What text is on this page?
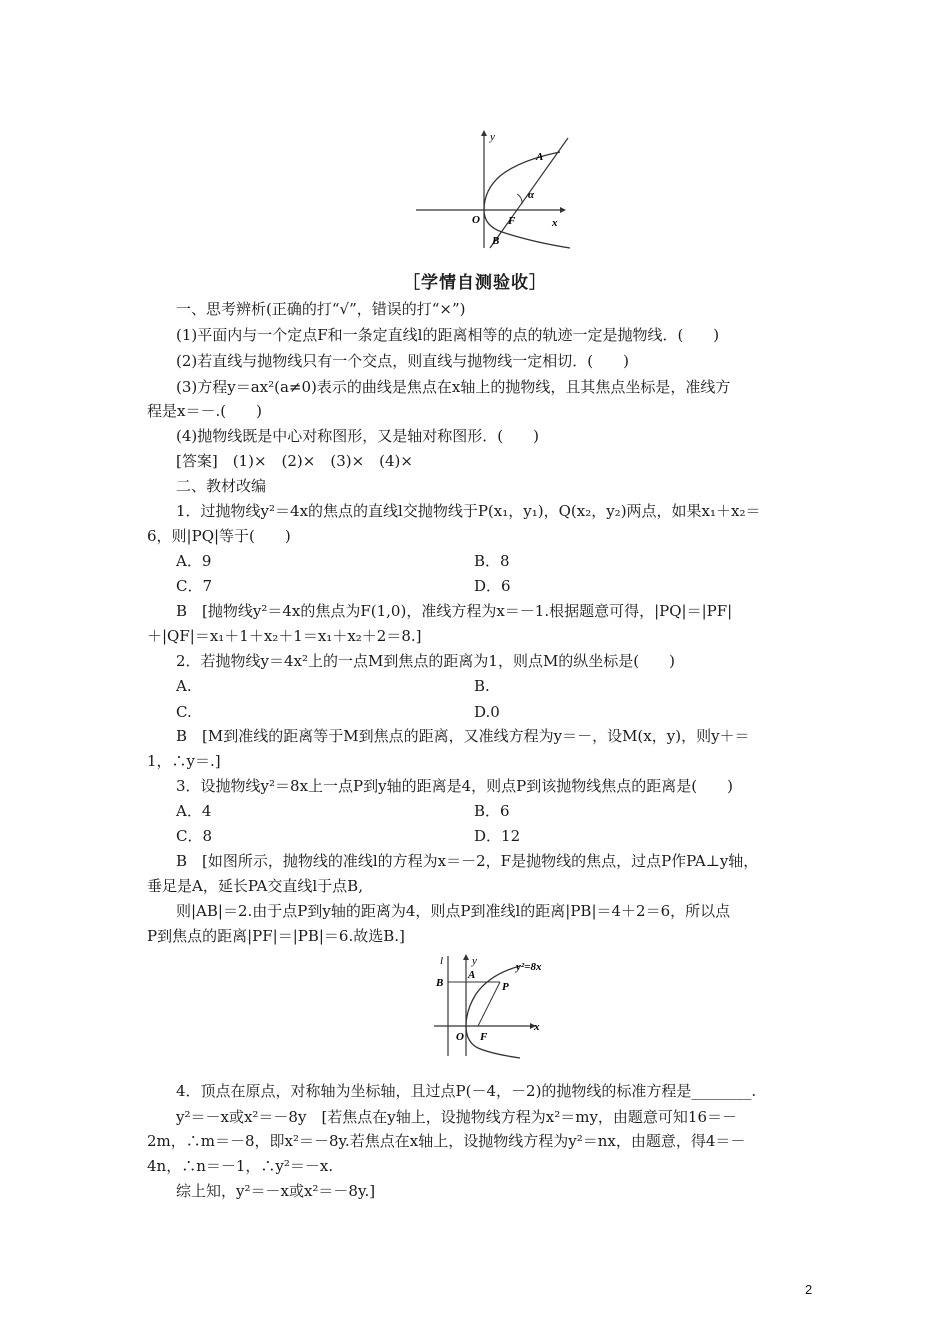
y
A
α
O	F	x
B
［学情自测验收］
一、思考辨析(正确的打“√”，错误的打“×”)
(1)平面内与一个定点F和一条定直线l的距离相等的点的轨迹一定是抛物线．(　　)
(2)若直线与抛物线只有一个交点，则直线与抛物线一定相切．(　　)
(3)方程y＝ax²(a≠0)表示的曲线是焦点在x轴上的抛物线，且其焦点坐标是，准线方
程是x＝－.(　　)
(4)抛物线既是中心对称图形，又是轴对称图形．(　　)
[答案]　(1)×　(2)×　(3)×　(4)×
二、教材改编
1．过抛物线y²＝4x的焦点的直线l交抛物线于P(x₁，y₁)，Q(x₂，y₂)两点，如果x₁＋x₂＝
6，则|PQ|等于(　　)
A．9	B．8
C．7	D．6
B　[抛物线y²＝4x的焦点为F(1,0)，准线方程为x＝－1.根据题意可得，|PQ|＝|PF|
＋|QF|＝x₁＋1＋x₂＋1＝x₁＋x₂＋2＝8.]
2．若抛物线y＝4x²上的一点M到焦点的距离为1，则点M的纵坐标是(　　)
A.	B.
C.	D.0
B　[M到准线的距离等于M到焦点的距离，又准线方程为y＝－，设M(x，y)，则y＋＝
1，∴y＝.]
3．设抛物线y²＝8x上一点P到y轴的距离是4，则点P到该抛物线焦点的距离是(　　)
A．4	B．6
C．8	D．12
B　[如图所示，抛物线的准线l的方程为x＝－2，F是抛物线的焦点，过点P作PA⊥y轴，
垂足是A，延长PA交直线l于点B,
则|AB|＝2.由于点P到y轴的距离为4，则点P到准线l的距离|PB|＝4＋2＝6，所以点
P到焦点的距离|PF|＝|PB|＝6.故选B.]
l	y
A
y²=8x
B	P
O F
x
4．顶点在原点，对称轴为坐标轴，且过点P(－4，－2)的抛物线的标准方程是________.
y²＝－x或x²＝－8y　[若焦点在y轴上，设抛物线方程为x²＝my，由题意可知16＝－
2m，∴m＝－8，即x²＝－8y.若焦点在x轴上，设抛物线方程为y²＝nx，由题意，得4＝－
4n，∴n＝－1，∴y²＝－x.
综上知，y²＝－x或x²＝－8y.]
2
